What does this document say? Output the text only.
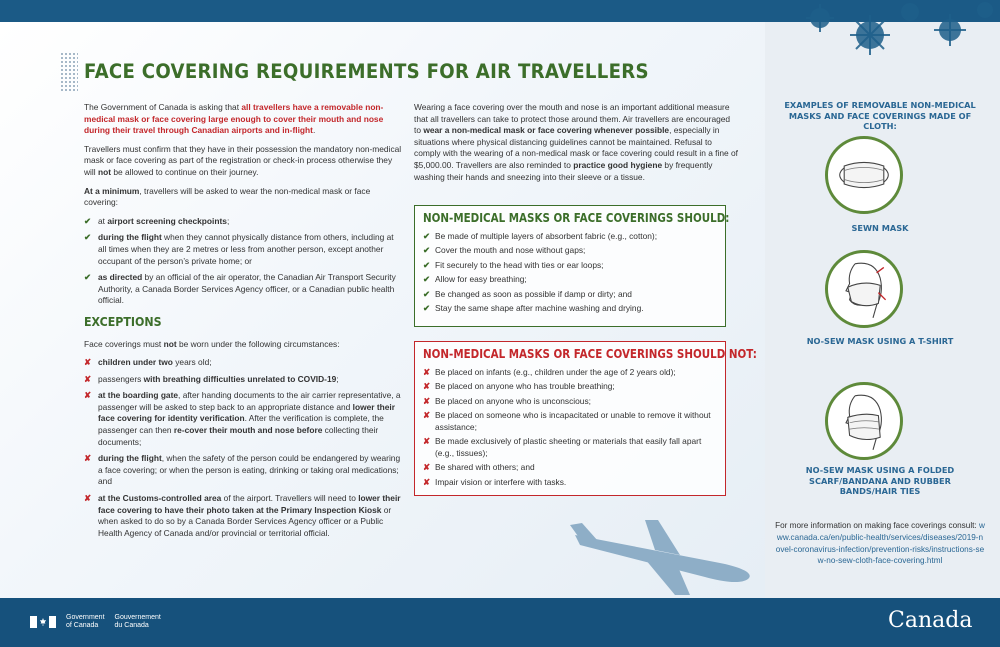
FACE COVERING REQUIREMENTS FOR AIR TRAVELLERS

The Government of Canada is asking that all travellers have a removable non-medical mask or face covering large enough to cover their mouth and nose during their travel through Canadian airports and in-flight.

Travellers must confirm that they have in their possession the mandatory non-medical mask or face covering as part of the registration or check-in process otherwise they will not be allowed to continue on their journey.

At a minimum, travellers will be asked to wear the non-medical mask or face covering:

✔ at airport screening checkpoints;
✔ during the flight when they cannot physically distance from others, including at all times when they are 2 metres or less from another person, except another occupant of the person’s private home; or
✔ as directed by an official of the air operator, the Canadian Air Transport Security Authority, a Canada Border Services Agency officer, or a Canadian public health official.
EXCEPTIONS

Face coverings must not be worn under the following circumstances:

✘ children under two years old;
✘ passengers with breathing difficulties unrelated to COVID-19;
✘ at the boarding gate, after handing documents to the air carrier representative, a passenger will be asked to step back to an appropriate distance and lower their face covering for identity verification. After the verification is complete, the passenger can then re-cover their mouth and nose before collecting their documents;
✘ during the flight, when the safety of the person could be endangered by wearing a face covering; or when the person is eating, drinking or taking oral medications; and
✘ at the Customs-controlled area of the airport. Travellers will need to lower their face covering to have their photo taken at the Primary Inspection Kiosk or when asked to do so by a Canada Border Services Agency officer or a Public Health Agency of Canada and/or provincial or territorial official.

Wearing a face covering over the mouth and nose is an important additional measure that all travellers can take to protect those around them. Air travellers are encouraged to wear a non-medical mask or face covering whenever possible, especially in situations where physical distancing guidelines cannot be maintained. Refusal to comply with the wearing of a non-medical mask or face covering could result in a fine of $5,000.00. Travellers are also reminded to practice good hygiene by frequently washing their hands and sneezing into their sleeve or a tissue.

NON-MEDICAL MASKS OR FACE COVERINGS SHOULD:
✔ Be made of multiple layers of absorbent fabric (e.g., cotton);
✔ Cover the mouth and nose without gaps;
✔ Fit securely to the head with ties or ear loops;
✔ Allow for easy breathing;
✔ Be changed as soon as possible if damp or dirty; and
✔ Stay the same shape after machine washing and drying.
NON-MEDICAL MASKS OR FACE COVERINGS SHOULD NOT:
✘ Be placed on infants (e.g., children under the age of 2 years old);
✘ Be placed on anyone who has trouble breathing;
✘ Be placed on anyone who is unconscious;
✘ Be placed on someone who is incapacitated or unable to remove it without assistance;
✘ Be made exclusively of plastic sheeting or materials that easily fall apart (e.g., tissues);
✘ Be shared with others; and
✘ Impair vision or interfere with tasks.
EXAMPLES OF REMOVABLE NON-MEDICAL MASKS AND FACE COVERINGS MADE OF CLOTH:
SEWN MASK
NO-SEW MASK USING A T-SHIRT
NO-SEW MASK USING A FOLDED SCARF/BANDANA AND RUBBER BANDS/HAIR TIES
For more information on making face coverings consult: www.canada.ca/en/public-health/services/diseases/2019-novel-coronavirus-infection/prevention-risks/instructions-sew-no-sew-cloth-face-covering.html
Government
of Canada
Gouvernement
du Canada	Canada
